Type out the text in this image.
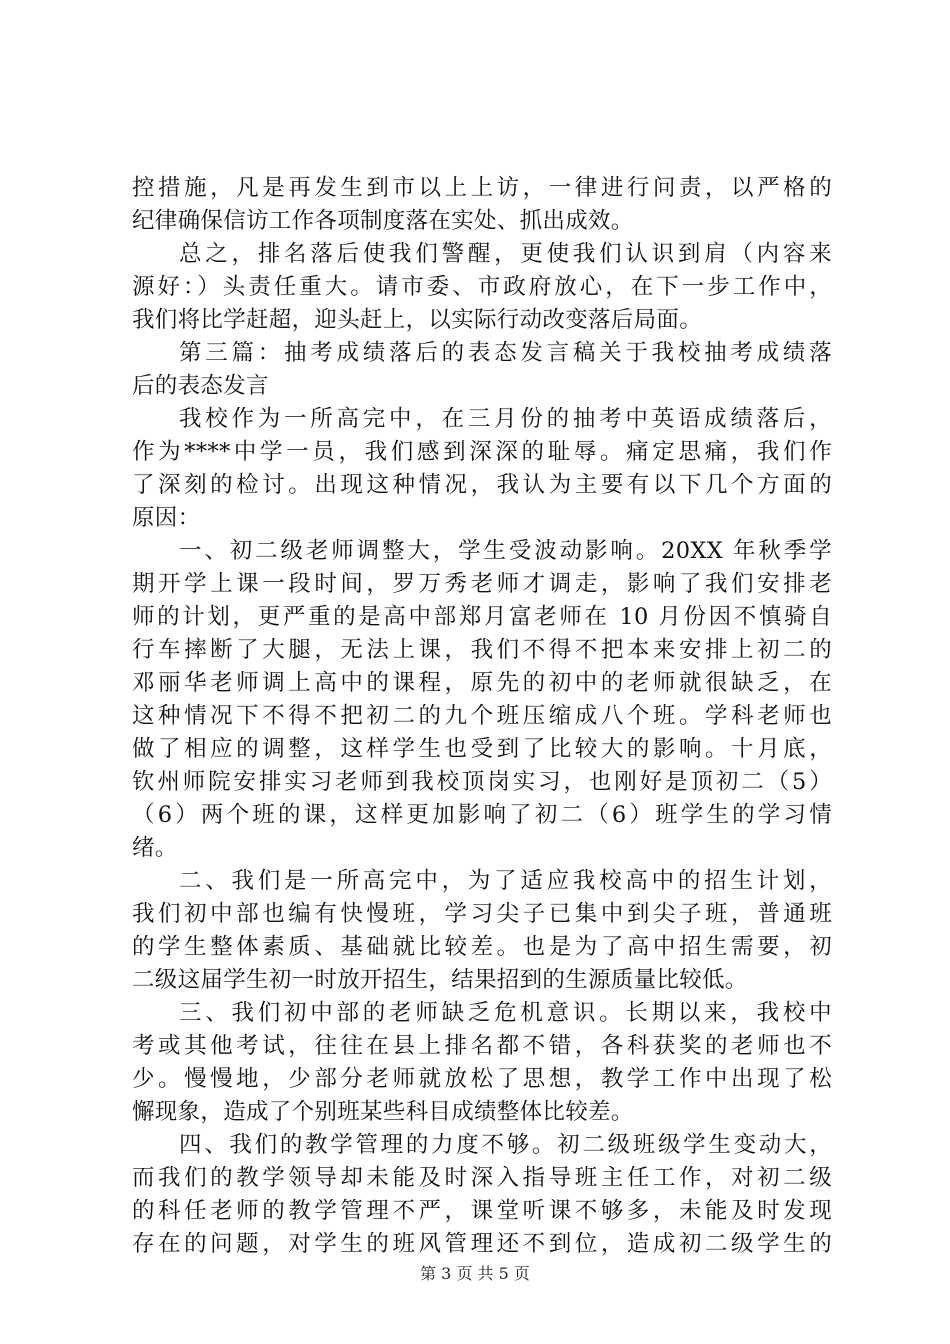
控措施，凡是再发生到市以上上访，一律进行问责，以严格的
纪律确保信访工作各项制度落在实处、抓出成效。
总之，排名落后使我们警醒，更使我们认识到肩（内容来
源好：）头责任重大。请市委、市政府放心，在下一步工作中，
我们将比学赶超，迎头赶上，以实际行动改变落后局面。
第三篇：抽考成绩落后的表态发言稿关于我校抽考成绩落
后的表态发言
我校作为一所高完中，在三月份的抽考中英语成绩落后，
作为****中学一员，我们感到深深的耻辱。痛定思痛，我们作
了深刻的检讨。出现这种情况，我认为主要有以下几个方面的
原因：
一、初二级老师调整大，学生受波动影响。20XX 年秋季学
期开学上课一段时间，罗万秀老师才调走，影响了我们安排老
师的计划，更严重的是高中部郑月富老师在 10 月份因不慎骑自
行车摔断了大腿，无法上课，我们不得不把本来安排上初二的
邓丽华老师调上高中的课程，原先的初中的老师就很缺乏，在
这种情况下不得不把初二的九个班压缩成八个班。学科老师也
做了相应的调整，这样学生也受到了比较大的影响。十月底，
钦州师院安排实习老师到我校顶岗实习，也刚好是顶初二（5）
（6）两个班的课，这样更加影响了初二（6）班学生的学习情
绪。
二、我们是一所高完中，为了适应我校高中的招生计划，
我们初中部也编有快慢班，学习尖子已集中到尖子班，普通班
的学生整体素质、基础就比较差。也是为了高中招生需要，初
二级这届学生初一时放开招生，结果招到的生源质量比较低。
三、我们初中部的老师缺乏危机意识。长期以来，我校中
考或其他考试，往往在县上排名都不错，各科获奖的老师也不
少。慢慢地，少部分老师就放松了思想，教学工作中出现了松
懈现象，造成了个别班某些科目成绩整体比较差。
四、我们的教学管理的力度不够。初二级班级学生变动大，
而我们的教学领导却未能及时深入指导班主任工作，对初二级
的科任老师的教学管理不严，课堂听课不够多，未能及时发现
存在的问题，对学生的班风管理还不到位，造成初二级学生的
第 3 页 共 5 页
